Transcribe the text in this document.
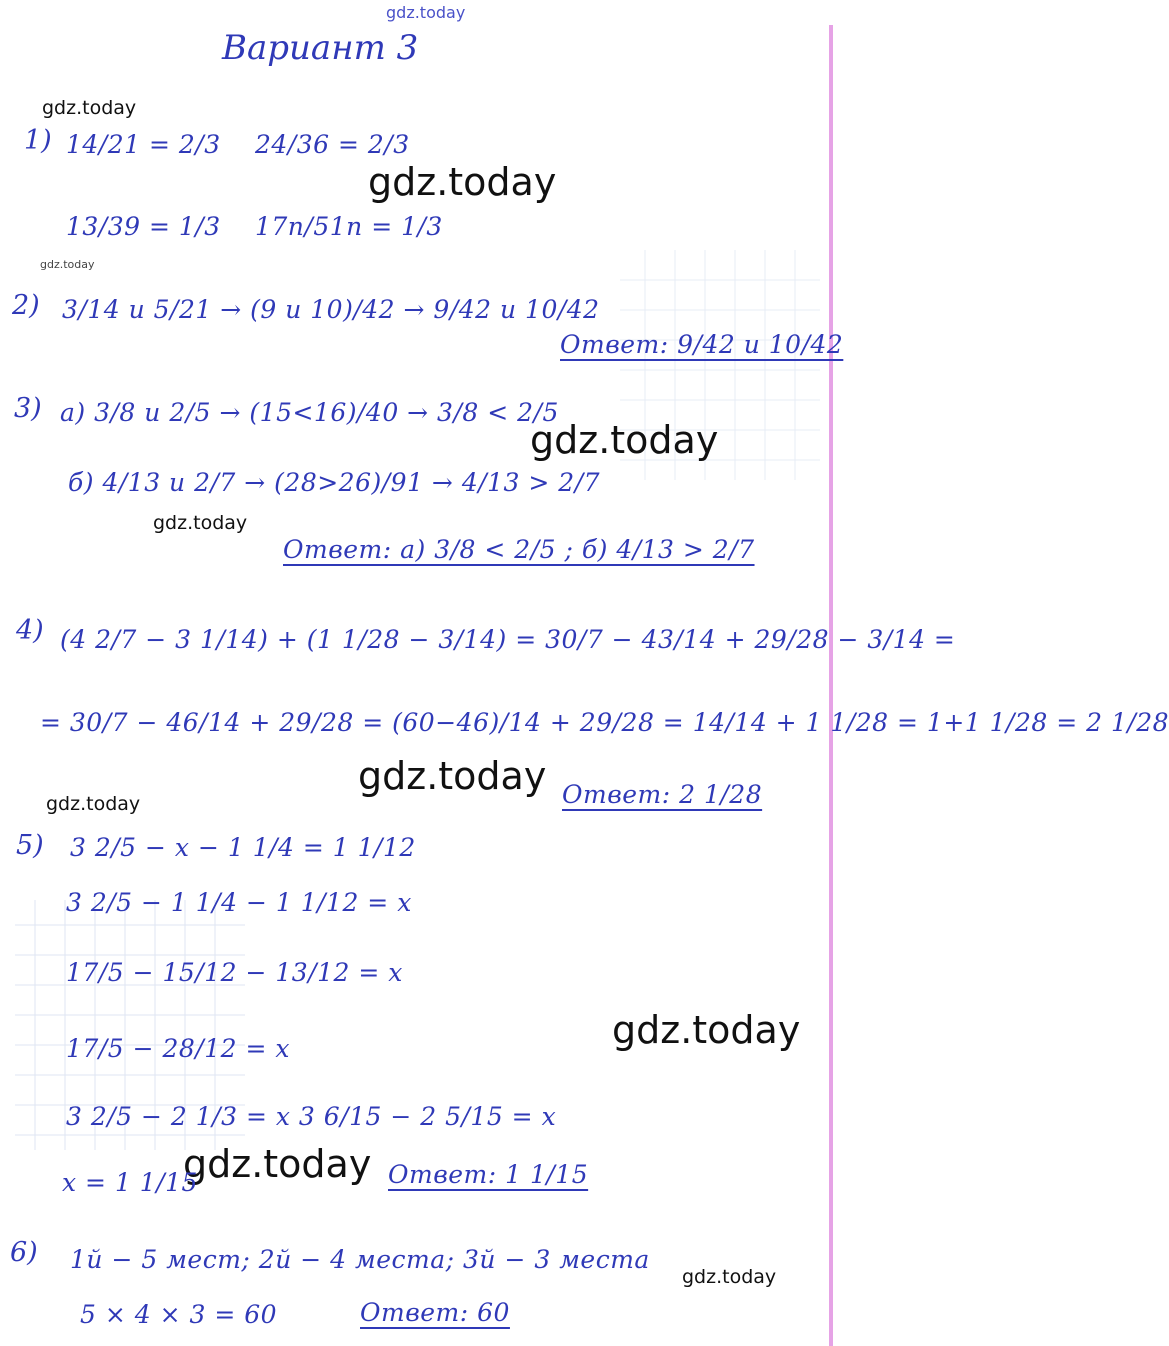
gdz.today
gdz.today
gdz.today
gdz.today
gdz.today
gdz.today
gdz.today
gdz.today
gdz.today
gdz.today
gdz.today
Вариант 3
1) 14/21 = 2/3 24/36 = 2/3
13/39 = 1/3 17n/51n = 1/3
2) 3/14 и 5/21 → (9 и 10)/42 → 9/42 и 10/42
Ответ: 9/42 и 10/42
3) а) 3/8 и 2/5 → (15<16)/40 → 3/8 < 2/5
б) 4/13 и 2/7 → (28>26)/91 → 4/13 > 2/7
Ответ: а) 3/8 < 2/5 ; б) 4/13 > 2/7
4) (4 2/7 − 3 1/14) + (1 1/28 − 3/14) = 30/7 − 43/14 + 29/28 − 3/14 =
= 30/7 − 46/14 + 29/28 = (60−46)/14 + 29/28 = 14/14 + 1 1/28 = 1+1 1/28 = 2 1/28
Ответ: 2 1/28
5) 3 2/5 − x − 1 1/4 = 1 1/12
3 2/5 − 1 1/4 − 1 1/12 = x
17/5 − 15/12 − 13/12 = x
17/5 − 28/12 = x
3 2/5 − 2 1/3 = x 3 6/15 − 2 5/15 = x
x = 1 1/15	Ответ: 1 1/15
6) 1й − 5 мест; 2й − 4 места; 3й − 3 места
5 × 4 × 3 = 60	Ответ: 60
